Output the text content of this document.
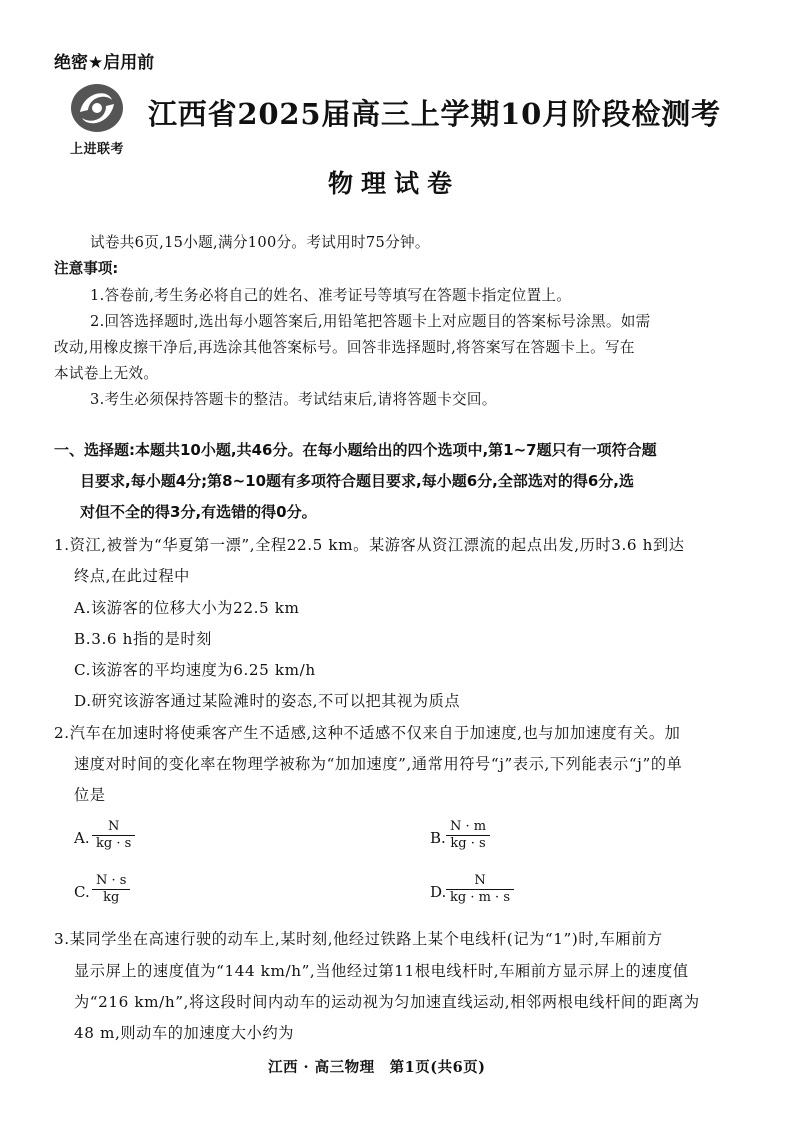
绝密★启用前
上进联考
江西省2025届高三上学期10月阶段检测考
物理试卷
试卷共6页,15小题,满分100分。考试用时75分钟。
注意事项:
1.答卷前,考生务必将自己的姓名、准考证号等填写在答题卡指定位置上。
2.回答选择题时,选出每小题答案后,用铅笔把答题卡上对应题目的答案标号涂黑。如需
改动,用橡皮擦干净后,再选涂其他答案标号。回答非选择题时,将答案写在答题卡上。写在
本试卷上无效。
3.考生必须保持答题卡的整洁。考试结束后,请将答题卡交回。
一、选择题:本题共10小题,共46分。在每小题给出的四个选项中,第1~7题只有一项符合题
目要求,每小题4分;第8~10题有多项符合题目要求,每小题6分,全部选对的得6分,选
对但不全的得3分,有选错的得0分。
1.资江,被誉为“华夏第一漂”,全程22.5 km。某游客从资江漂流的起点出发,历时3.6 h到达
终点,在此过程中
A.该游客的位移大小为22.5 km
B.3.6 h指的是时刻
C.该游客的平均速度为6.25 km/h
D.研究该游客通过某险滩时的姿态,不可以把其视为质点
2.汽车在加速时将使乘客产生不适感,这种不适感不仅来自于加速度,也与加加速度有关。加
速度对时间的变化率在物理学被称为“加加速度”,通常用符号“j”表示,下列能表示“j”的单
位是
A.
N
kg · s	B.
N · m
kg · s
C.
N · s
kg	D.
N
kg · m · s
3.某同学坐在高速行驶的动车上,某时刻,他经过铁路上某个电线杆(记为“1”)时,车厢前方
显示屏上的速度值为“144 km/h”,当他经过第11根电线杆时,车厢前方显示屏上的速度值
为“216 km/h”,将这段时间内动车的运动视为匀加速直线运动,相邻两根电线杆间的距离为
48 m,则动车的加速度大小约为
江西 · 高三物理　第1页(共6页)
